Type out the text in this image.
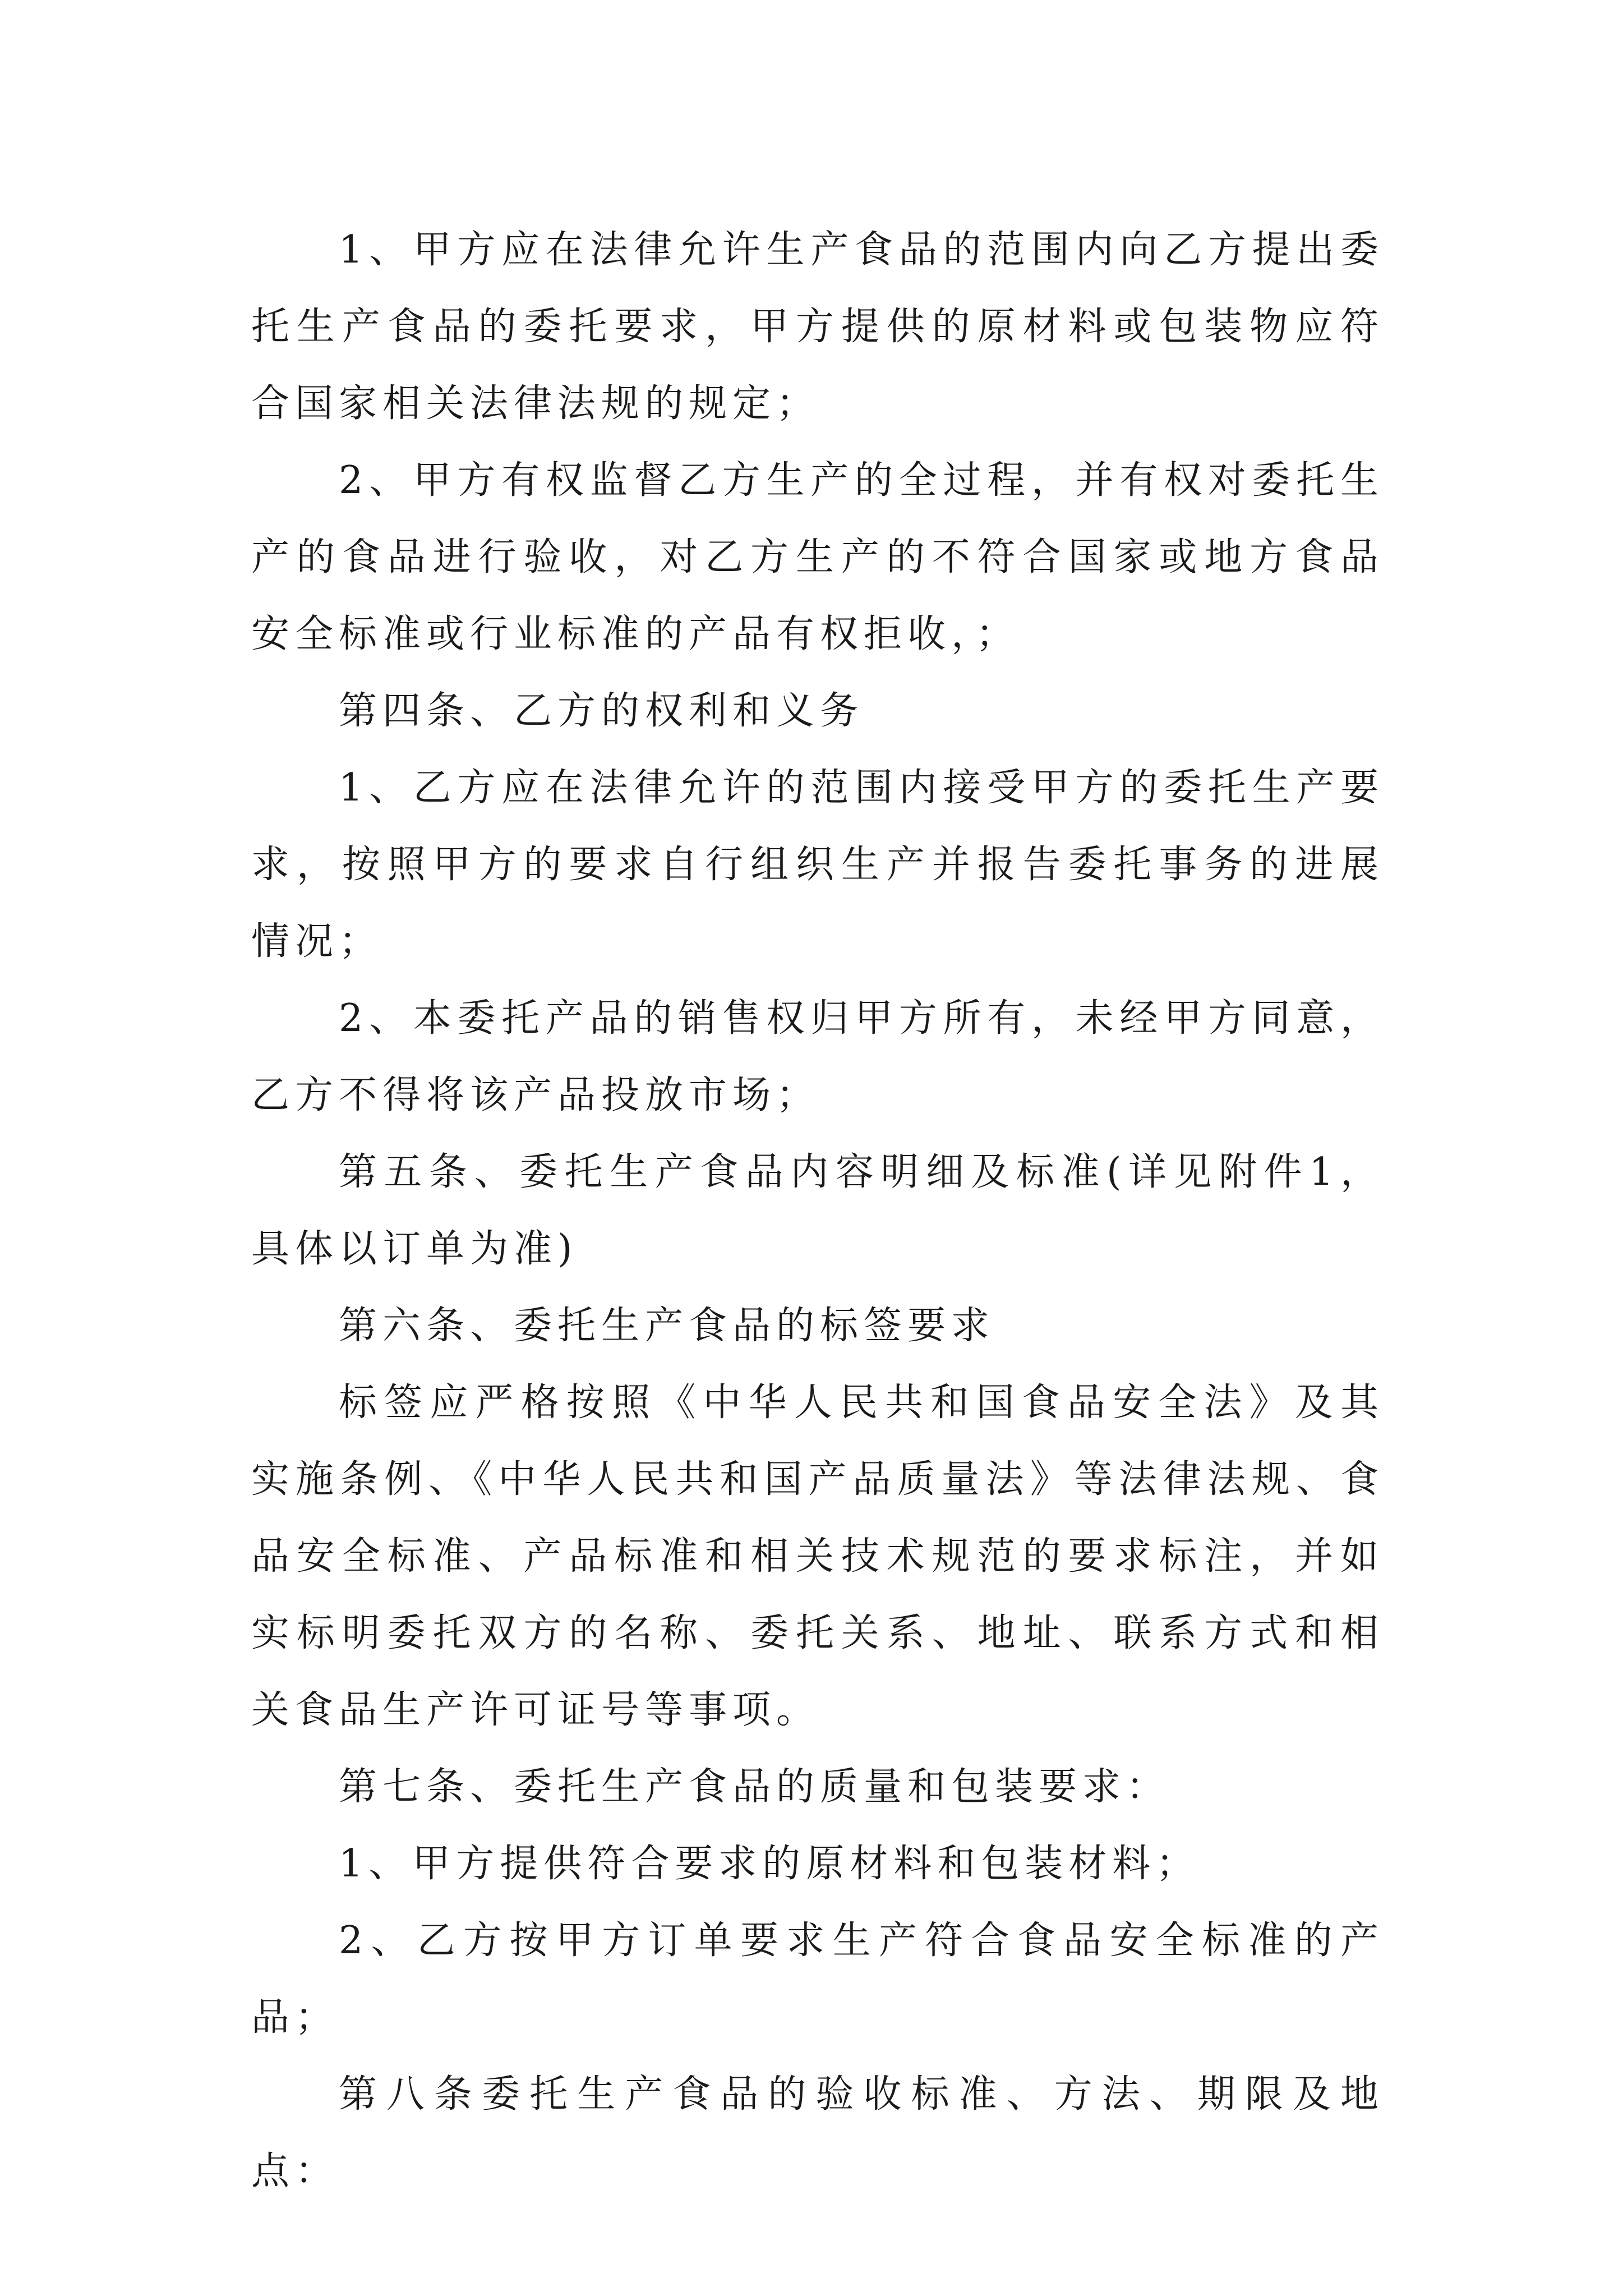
1、甲方应在法律允许生产食品的范围内向乙方提出委托生产食品的委托要求，甲方提供的原材料或包装物应符合国家相关法律法规的规定；

2、甲方有权监督乙方生产的全过程，并有权对委托生产的食品进行验收，对乙方生产的不符合国家或地方食品安全标准或行业标准的产品有权拒收，；

第四条、乙方的权利和义务

1、乙方应在法律允许的范围内接受甲方的委托生产要求，按照甲方的要求自行组织生产并报告委托事务的进展情况；

2、本委托产品的销售权归甲方所有，未经甲方同意，乙方不得将该产品投放市场；

第五条、委托生产食品内容明细及标准(详见附件1，具体以订单为准)

第六条、委托生产食品的标签要求

标签应严格按照《中华人民共和国食品安全法》及其实施条例、《中华人民共和国产品质量法》等法律法规、食品安全标准、产品标准和相关技术规范的要求标注，并如实标明委托双方的名称、委托关系、地址、联系方式和相关食品生产许可证号等事项。

第七条、委托生产食品的质量和包装要求：

1、甲方提供符合要求的原材料和包装材料；

2、乙方按甲方订单要求生产符合食品安全标准的产品；

第八条委托生产食品的验收标准、方法、期限及地点：
